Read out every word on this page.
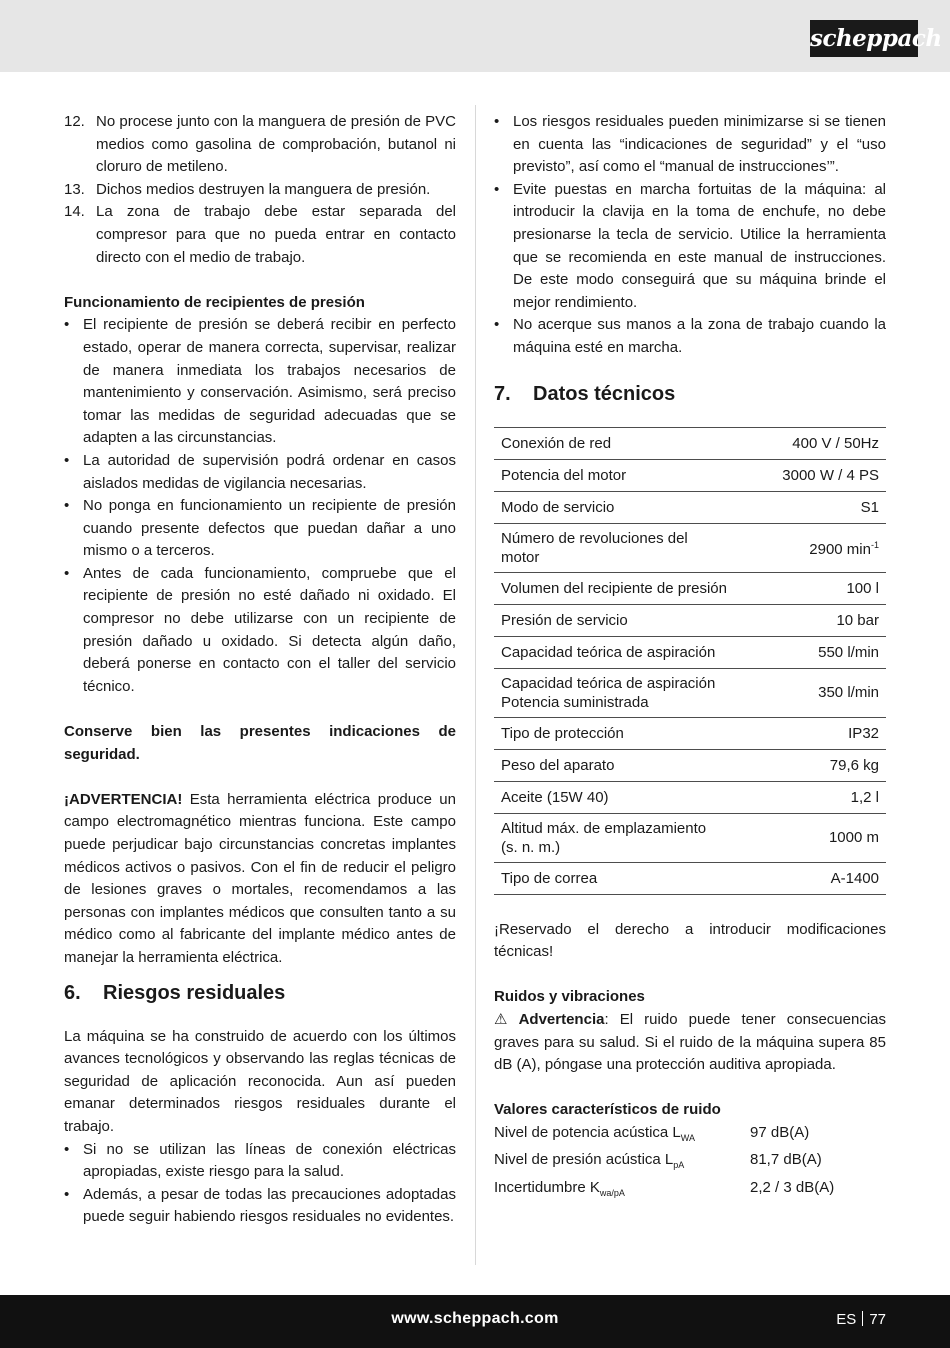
scheppach
12. No procese junto con la manguera de presión de PVC medios como gasolina de comprobación, butanol ni cloruro de metileno.
13. Dichos medios destruyen la manguera de presión.
14. La zona de trabajo debe estar separada del compresor para que no pueda entrar en contacto directo con el medio de trabajo.

Funcionamiento de recipientes de presión

• El recipiente de presión se deberá recibir en perfecto estado, operar de manera correcta, supervisar, realizar de manera inmediata los trabajos necesarios de mantenimiento y conservación. Asimismo, será preciso tomar las medidas de seguridad adecuadas que se adapten a las circunstancias.
• La autoridad de supervisión podrá ordenar en casos aislados medidas de vigilancia necesarias.
• No ponga en funcionamiento un recipiente de presión cuando presente defectos que puedan dañar a uno mismo o a terceros.
• Antes de cada funcionamiento, compruebe que el recipiente de presión no esté dañado ni oxidado. El compresor no debe utilizarse con un recipiente de presión dañado u oxidado. Si detecta algún daño, deberá ponerse en contacto con el taller del servicio técnico.

Conserve bien las presentes indicaciones de seguridad.

¡ADVERTENCIA! Esta herramienta eléctrica produce un campo electromagnético mientras funciona. Este campo puede perjudicar bajo circunstancias concretas implantes médicos activos o pasivos. Con el fin de reducir el peligro de lesiones graves o mortales, recomendamos a las personas con implantes médicos que consulten tanto a su médico como al fabricante del implante médico antes de manejar la herramienta eléctrica.

6. Riesgos residuales

La máquina se ha construido de acuerdo con los últimos avances tecnológicos y observando las reglas técnicas de seguridad de aplicación reconocida. Aun así pueden emanar determinados riesgos residuales durante el trabajo.

• Si no se utilizan las líneas de conexión eléctricas apropiadas, existe riesgo para la salud.
• Además, a pesar de todas las precauciones adoptadas puede seguir habiendo riesgos residuales no evidentes.
• Los riesgos residuales pueden minimizarse si se tienen en cuenta las “indicaciones de seguridad” y el “uso previsto”, así como el “manual de instrucciones’”.
• Evite puestas en marcha fortuitas de la máquina: al introducir la clavija en la toma de enchufe, no debe presionarse la tecla de servicio. Utilice la herramienta que se recomienda en este manual de instrucciones. De este modo conseguirá que su máquina brinde el mejor rendimiento.
• No acerque sus manos a la zona de trabajo cuando la máquina esté en marcha.
7. Datos técnicos
Conexión de red	400 V / 50Hz
Potencia del motor	3000 W / 4 PS
Modo de servicio	S1
Número de revoluciones del
motor	2900 $\min^{-1}$
Volumen del recipiente de presión	100 l
Presión de servicio	10 bar
Capacidad teórica de aspiración	550 l/min
Capacidad teórica de aspiración
Potencia suministrada	350 l/min
Tipo de protección	IP32
Peso del aparato	79,6 kg
Aceite (15W 40)	1,2 l
Altitud máx. de emplazamiento
(s. n. m.)	1000 m
Tipo de correa	A-1400

¡Reservado el derecho a introducir modificaciones técnicas!

Ruidos y vibraciones

⚠ Advertencia: El ruido puede tener consecuencias graves para su salud. Si el ruido de la máquina supera 85 dB (A), póngase una protección auditiva apropiada.

Valores característicos de ruido

Nivel de potencia acústica $L_{WA}$	97 dB(A)
Nivel de presión acústica $L_{pA}$	81,7 dB(A)
Incertidumbre $K_{wa/pA}$	2,2 / 3 dB(A)
www.scheppach.com	ES 77
